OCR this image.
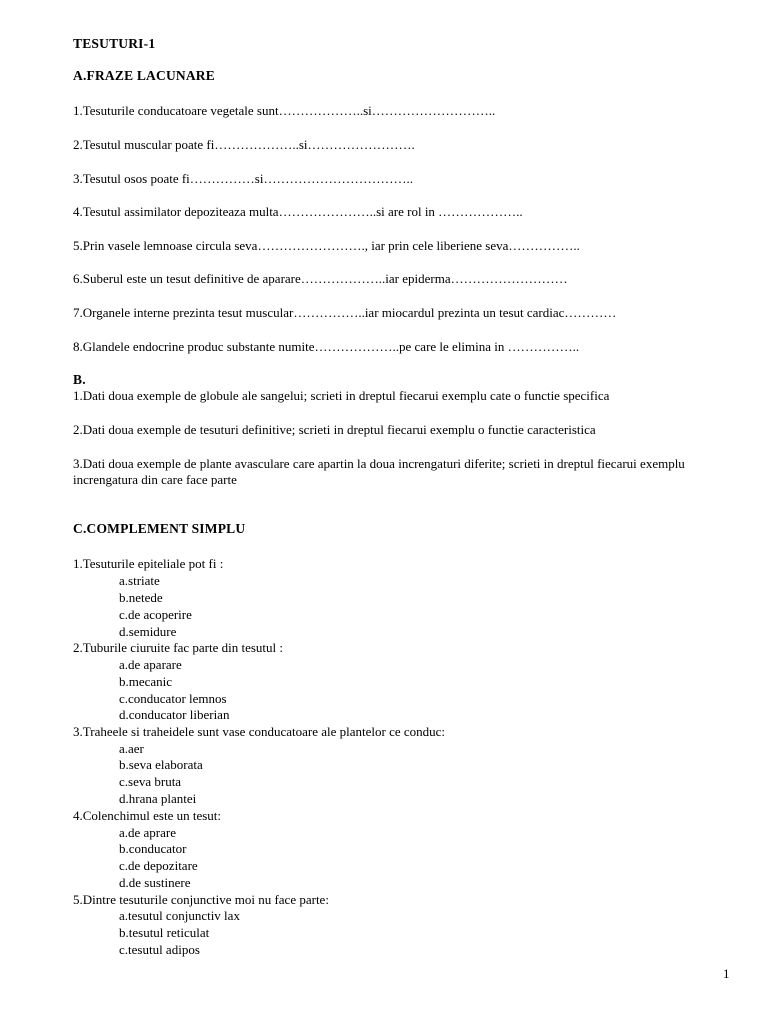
TESUTURI-1
A.FRAZE LACUNARE
1.Tesuturile conducatoare vegetale sunt………………..si………………………..
2.Tesutul muscular poate fi………………..si…………………….
3.Tesutul osos poate fi……………si……………………………..
4.Tesutul assimilator depoziteaza multa…………………..si are rol in ………………..
5.Prin vasele lemnoase circula seva……………………., iar prin cele liberiene seva……………..
6.Suberul este un tesut definitive de aparare………………..iar epiderma………………………
7.Organele interne prezinta tesut muscular……………..iar miocardul prezinta un tesut cardiac…………
8.Glandele endocrine produc substante numite………………..pe care le elimina in ……………..
B.
1.Dati doua exemple de globule ale sangelui; scrieti in dreptul fiecarui exemplu cate o functie specifica
2.Dati doua exemple de tesuturi definitive; scrieti in dreptul fiecarui exemplu o functie caracteristica
3.Dati doua exemple de plante avasculare care apartin la doua increngaturi diferite; scrieti in dreptul fiecarui exemplu increngatura din care face parte
C.COMPLEMENT SIMPLU
1.Tesuturile epiteliale pot fi :
a.striate
b.netede
c.de acoperire
d.semidure
2.Tuburile ciuruite fac parte din tesutul :
a.de aparare
b.mecanic
c.conducator lemnos
d.conducator liberian
3.Traheele si traheidele sunt vase conducatoare ale plantelor ce conduc:
a.aer
b.seva elaborata
c.seva bruta
d.hrana plantei
4.Colenchimul este un tesut:
a.de aprare
b.conducator
c.de depozitare
d.de sustinere
5.Dintre tesuturile conjunctive moi nu face parte:
a.tesutul conjunctiv lax
b.tesutul reticulat
c.tesutul adipos
1
